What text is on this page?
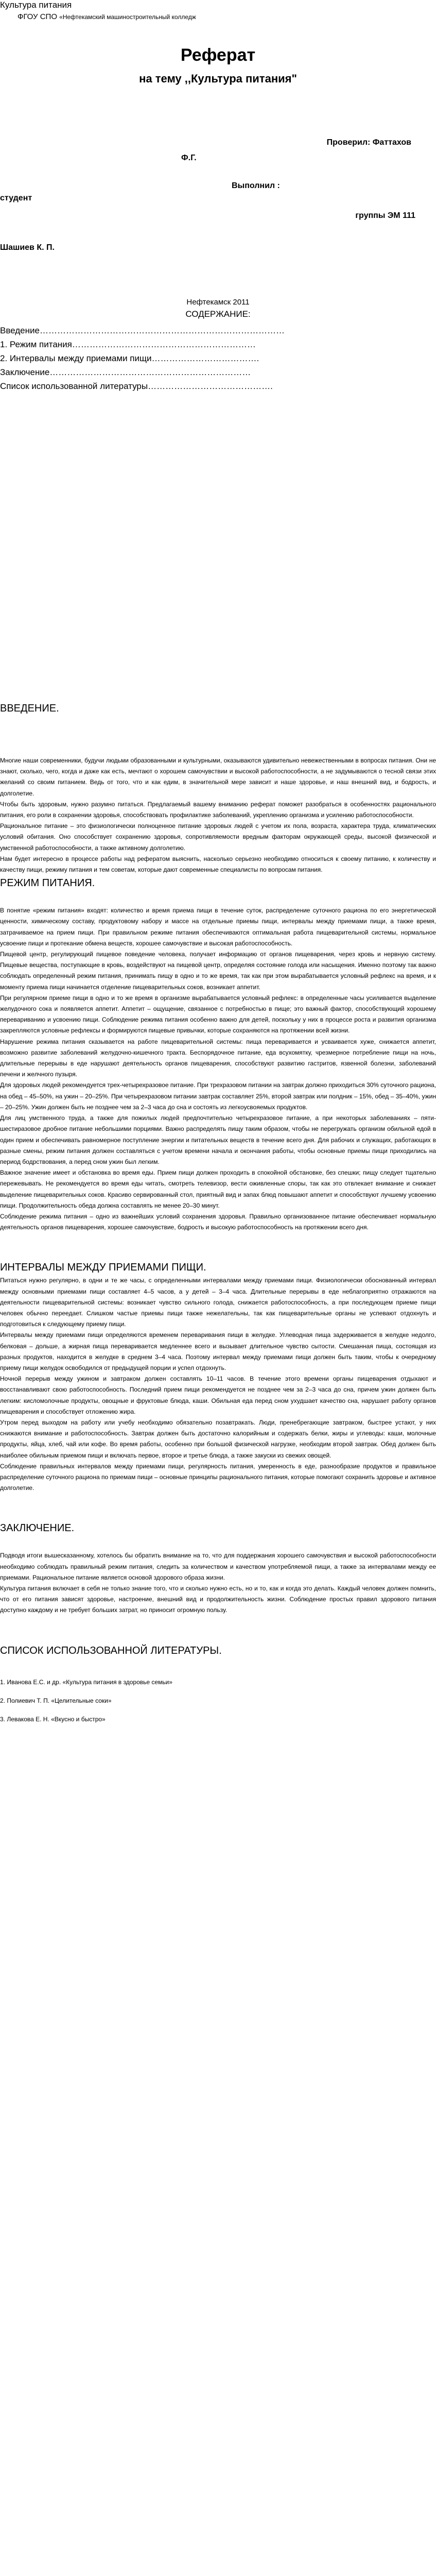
Культура питания
ФГОУ СПО «Нефтекамский машиностроительный колледж
Реферат
на тему ,,Культура питания"
Проверил: Фаттахов
Ф.Г.
Выполнил :
студент
группы ЭМ 111
Шашиев К. П.
Нефтекамск 2011
СОДЕРЖАНИЕ:
Введение…………………………………………………………………………
1. Режим питания………………………………………………………
2. Интервалы между приемами пищи……………………………….
Заключение……………………………………………………………
Список использованной литературы…………………………………….
ВВЕДЕНИЕ.

Многие наши современники, будучи людьми образованными и культурными, оказываются удивительно невежественными в вопросах питания. Они не знают, сколько, чего, когда и даже как есть, мечтают о хорошем самочувствии и высокой работоспособности, а не задумываются о тесной связи этих желаний со своим питанием. Ведь от того, что и как едим, в значительной мере зависит и наше здоровье, и наш внешний вид, и бодрость, и долголетие.

Чтобы быть здоровым, нужно разумно питаться. Предлагаемый вашему вниманию реферат поможет разобраться в особенностях рационального питания, его роли в сохранении здоровья, способствовать профилактике заболеваний, укреплению организма и усилению работоспособности.

Рациональное питание – это физиологически полноценное питание здоровых людей с учетом их пола, возраста, характера труда, климатических условий обитания. Оно способствует сохранению здоровья, сопротивляемости вредным факторам окружающей среды, высокой физической и умственной работоспособности, а также активному долголетию.

Нам будет интересно в процессе работы над рефератом выяснить, насколько серьезно необходимо относиться к своему питанию, к количеству и качеству пищи, режиму питания и тем советам, которые дают современные специалисты по вопросам питания.

РЕЖИМ ПИТАНИЯ.

В понятие «режим питания» входят: количество и время приема пищи в течение суток, распределение суточного рациона по его энергетической ценности, химическому составу, продуктовому набору и массе на отдельные приемы пищи, интервалы между приемами пищи, а также время, затрачиваемое на прием пищи. При правильном режиме питания обеспечиваются оптимальная работа пищеварительной системы, нормальное усвоение пищи и протекание обмена веществ, хорошее самочувствие и высокая работоспособность.

Пищевой центр, регулирующий пищевое поведение человека, получает информацию от органов пищеварения, через кровь и нервную систему. Пищевые вещества, поступающие в кровь, воздействуют на пищевой центр, определяя состояние голода или насыщения. Именно поэтому так важно соблюдать определенный режим питания, принимать пищу в одно и то же время, так как при этом вырабатывается условный рефлекс на время, и к моменту приема пищи начинается отделение пищеварительных соков, возникает аппетит.

При регулярном приеме пищи в одно и то же время в организме вырабатывается условный рефлекс: в определенные часы усиливается выделение желудочного сока и появляется аппетит. Аппетит – ощущение, связанное с потребностью в пище; это важный фактор, способствующий хорошему перевариванию и усвоению пищи. Соблюдение режима питания особенно важно для детей, поскольку у них в процессе роста и развития организма закрепляются условные рефлексы и формируются пищевые привычки, которые сохраняются на протяжении всей жизни.

Нарушение режима питания сказывается на работе пищеварительной системы: пища переваривается и усваивается хуже, снижается аппетит, возможно развитие заболеваний желудочно-кишечного тракта. Беспорядочное питание, еда всухомятку, чрезмерное потребление пищи на ночь, длительные перерывы в еде нарушают деятельность органов пищеварения, способствуют развитию гастритов, язвенной болезни, заболеваний печени и желчного пузыря.

Для здоровых людей рекомендуется трех-четырехразовое питание. При трехразовом питании на завтрак должно приходиться 30% суточного рациона, на обед – 45–50%, на ужин – 20–25%. При четырехразовом питании завтрак составляет 25%, второй завтрак или полдник – 15%, обед – 35–40%, ужин – 20–25%. Ужин должен быть не позднее чем за 2–3 часа до сна и состоять из легкоусвояемых продуктов.

Для лиц умственного труда, а также для пожилых людей предпочтительно четырехразовое питание, а при некоторых заболеваниях – пяти-шестиразовое дробное питание небольшими порциями. Важно распределять пищу таким образом, чтобы не перегружать организм обильной едой в один прием и обеспечивать равномерное поступление энергии и питательных веществ в течение всего дня. Для рабочих и служащих, работающих в разные смены, режим питания должен составляться с учетом времени начала и окончания работы, чтобы основные приемы пищи приходились на период бодрствования, а перед сном ужин был легким.

Важное значение имеет и обстановка во время еды. Прием пищи должен проходить в спокойной обстановке, без спешки; пищу следует тщательно пережевывать. Не рекомендуется во время еды читать, смотреть телевизор, вести оживленные споры, так как это отвлекает внимание и снижает выделение пищеварительных соков. Красиво сервированный стол, приятный вид и запах блюд повышают аппетит и способствуют лучшему усвоению пищи. Продолжительность обеда должна составлять не менее 20–30 минут.

Соблюдение режима питания – одно из важнейших условий сохранения здоровья. Правильно организованное питание обеспечивает нормальную деятельность органов пищеварения, хорошее самочувствие, бодрость и высокую работоспособность на протяжении всего дня.

ИНТЕРВАЛЫ МЕЖДУ ПРИЕМАМИ ПИЩИ.

Питаться нужно регулярно, в одни и те же часы, с определенными интервалами между приемами пищи. Физиологически обоснованный интервал между основными приемами пищи составляет 4–5 часов, а у детей – 3–4 часа. Длительные перерывы в еде неблагоприятно отражаются на деятельности пищеварительной системы: возникает чувство сильного голода, снижается работоспособность, а при последующем приеме пищи человек обычно переедает. Слишком частые приемы пищи также нежелательны, так как пищеварительные органы не успевают отдохнуть и подготовиться к следующему приему пищи.

Интервалы между приемами пищи определяются временем переваривания пищи в желудке. Углеводная пища задерживается в желудке недолго, белковая – дольше, а жирная пища переваривается медленнее всего и вызывает длительное чувство сытости. Смешанная пища, состоящая из разных продуктов, находится в желудке в среднем 3–4 часа. Поэтому интервал между приемами пищи должен быть таким, чтобы к очередному приему пищи желудок освободился от предыдущей порции и успел отдохнуть.

Ночной перерыв между ужином и завтраком должен составлять 10–11 часов. В течение этого времени органы пищеварения отдыхают и восстанавливают свою работоспособность. Последний прием пищи рекомендуется не позднее чем за 2–3 часа до сна, причем ужин должен быть легким: кисломолочные продукты, овощные и фруктовые блюда, каши. Обильная еда перед сном ухудшает качество сна, нарушает работу органов пищеварения и способствует отложению жира.

Утром перед выходом на работу или учебу необходимо обязательно позавтракать. Люди, пренебрегающие завтраком, быстрее устают, у них снижаются внимание и работоспособность. Завтрак должен быть достаточно калорийным и содержать белки, жиры и углеводы: каши, молочные продукты, яйца, хлеб, чай или кофе. Во время работы, особенно при большой физической нагрузке, необходим второй завтрак. Обед должен быть наиболее обильным приемом пищи и включать первое, второе и третье блюда, а также закуски из свежих овощей.

Соблюдение правильных интервалов между приемами пищи, регулярность питания, умеренность в еде, разнообразие продуктов и правильное распределение суточного рациона по приемам пищи – основные принципы рационального питания, которые помогают сохранить здоровье и активное долголетие.

ЗАКЛЮЧЕНИЕ.

Подводя итоги вышесказанному, хотелось бы обратить внимание на то, что для поддержания хорошего самочувствия и высокой работоспособности необходимо соблюдать правильный режим питания, следить за количеством и качеством употребляемой пищи, а также за интервалами между ее приемами. Рациональное питание является основой здорового образа жизни.

Культура питания включает в себя не только знание того, что и сколько нужно есть, но и то, как и когда это делать. Каждый человек должен помнить, что от его питания зависят здоровье, настроение, внешний вид и продолжительность жизни. Соблюдение простых правил здорового питания доступно каждому и не требует больших затрат, но приносит огромную пользу.

СПИСОК ИСПОЛЬЗОВАННОЙ ЛИТЕРАТУРЫ.

1. Иванова Е.С. и др. «Культура питания в здоровье семьи»

2. Полиевич Т. П. «Целительные соки»

3. Левакова Е. Н. «Вкусно и быстро»
